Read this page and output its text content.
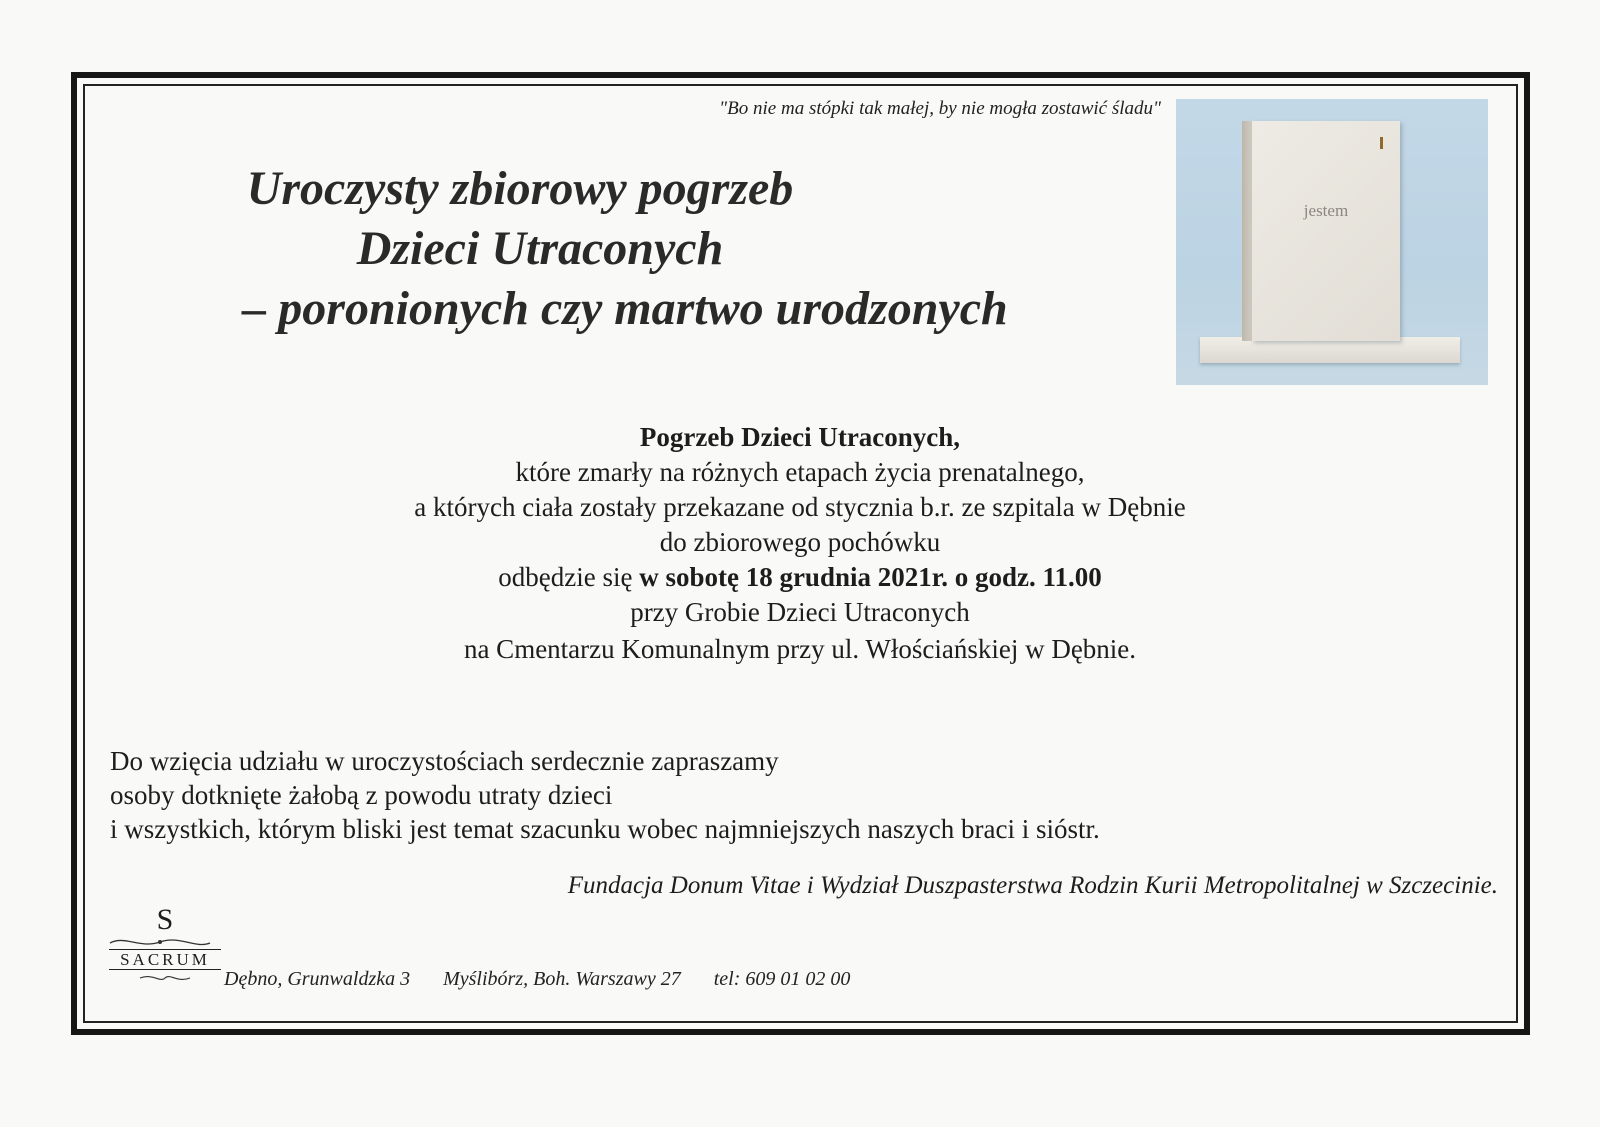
"Bo nie ma stópki tak małej, by nie mogła zostawić śladu"
Uroczysty zbiorowy pogrzeb
Dzieci Utraconych
– poronionych czy martwo urodzonych
jestem

Pogrzeb Dzieci Utraconych,

które zmarły na różnych etapach życia prenatalnego,

a których ciała zostały przekazane od stycznia b.r. ze szpitala w Dębnie

do zbiorowego pochówku

odbędzie się w sobotę 18 grudnia 2021r. o godz. 11.00

przy Grobie Dzieci Utraconych

na Cmentarzu Komunalnym przy ul. Włościańskiej w Dębnie.

Do wzięcia udziału w uroczystościach serdecznie zapraszamy

osoby dotknięte żałobą z powodu utraty dzieci

i wszystkich, którym bliski jest temat szacunku wobec najmniejszych naszych braci i sióstr.

Fundacja Donum Vitae i Wydział Duszpasterstwa Rodzin Kurii Metropolitalnej w Szczecinie.
S
SACRUM
Dębno, Grunwaldzka 3 Myślibórz, Boh. Warszawy 27 tel: 609 01 02 00
